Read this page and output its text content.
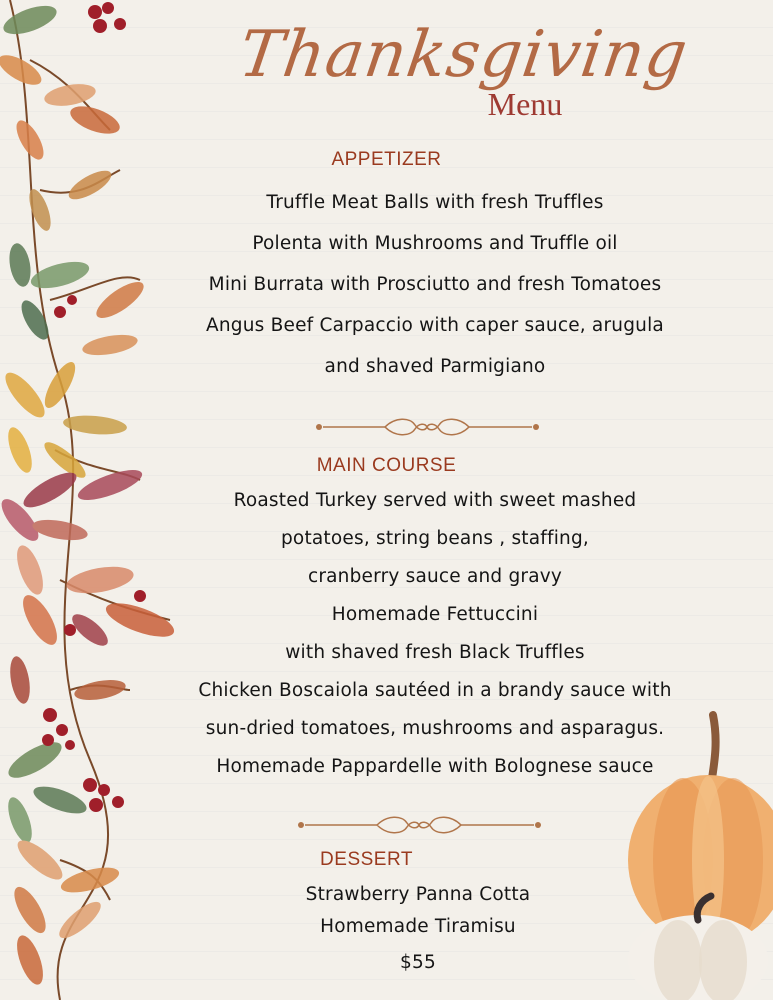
Thanksgiving
Menu
APPETIZER
Truffle Meat Balls with fresh Truffles
Polenta with Mushrooms and Truffle oil
Mini Burrata with Prosciutto and fresh Tomatoes
Angus Beef Carpaccio with caper sauce, arugula
and shaved Parmigiano
MAIN COURSE
Roasted Turkey served with sweet mashed
potatoes, string beans , staffing,
cranberry sauce and gravy
Homemade Fettuccini
with shaved fresh Black Truffles
Chicken Boscaiola sautéed in a brandy sauce with
sun-dried tomatoes, mushrooms and asparagus.
Homemade Pappardelle with Bolognese sauce
DESSERT
Strawberry Panna Cotta
Homemade Tiramisu
$55
